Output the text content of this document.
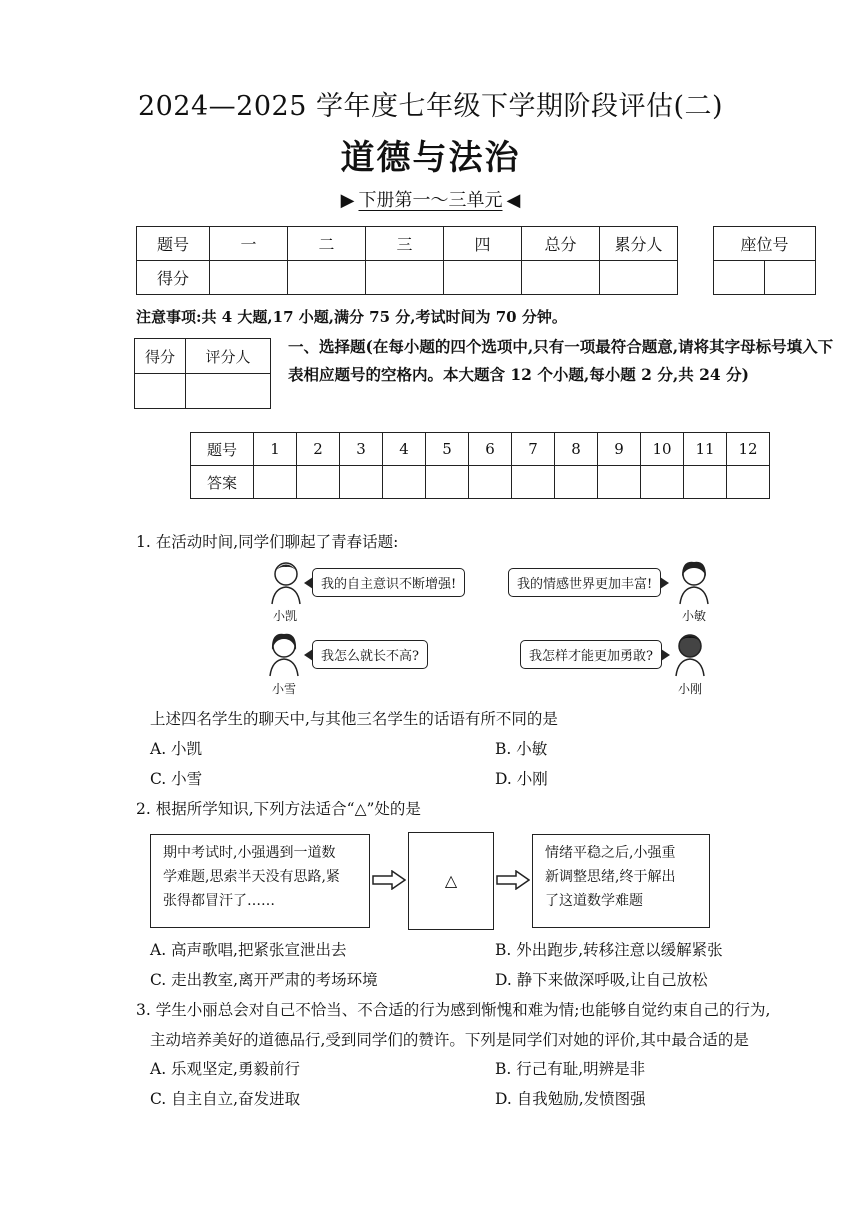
2024—2025 学年度七年级下学期阶段评估(二)
道德与法治
▶ 下册第一～三单元 ◀
题号	一	二	三	四	总分	累分人
得分						
座位号

注意事项:共 4 大题,17 小题,满分 75 分,考试时间为 70 分钟。
得分	评分人

一、选择题(在每小题的四个选项中,只有一项最符合题意,请将其字母标号填入下表相应题号的空格内。本大题含 12 个小题,每小题 2 分,共 24 分)
题号	1	2	3	4	5	6	7	8	9	10	11	12
答案												
1. 在活动时间,同学们聊起了青春话题:
小凯
我的自主意识不断增强!
小敏
我的情感世界更加丰富!
小雪
我怎么就长不高?
小刚
我怎样才能更加勇敢?
上述四名学生的聊天中,与其他三名学生的话语有所不同的是
A. 小凯	B. 小敏
C. 小雪	D. 小刚
2. 根据所学知识,下列方法适合“△”处的是
期中考试时,小强遇到一道数
学难题,思索半天没有思路,紧
张得都冒汗了……
△
情绪平稳之后,小强重
新调整思绪,终于解出
了这道数学难题
A. 高声歌唱,把紧张宣泄出去	B. 外出跑步,转移注意以缓解紧张
C. 走出教室,离开严肃的考场环境	D. 静下来做深呼吸,让自己放松
3. 学生小丽总会对自己不恰当、不合适的行为感到惭愧和难为情;也能够自觉约束自己的行为,
主动培养美好的道德品行,受到同学们的赞许。下列是同学们对她的评价,其中最合适的是
A. 乐观坚定,勇毅前行	B. 行己有耻,明辨是非
C. 自主自立,奋发进取	D. 自我勉励,发愤图强
